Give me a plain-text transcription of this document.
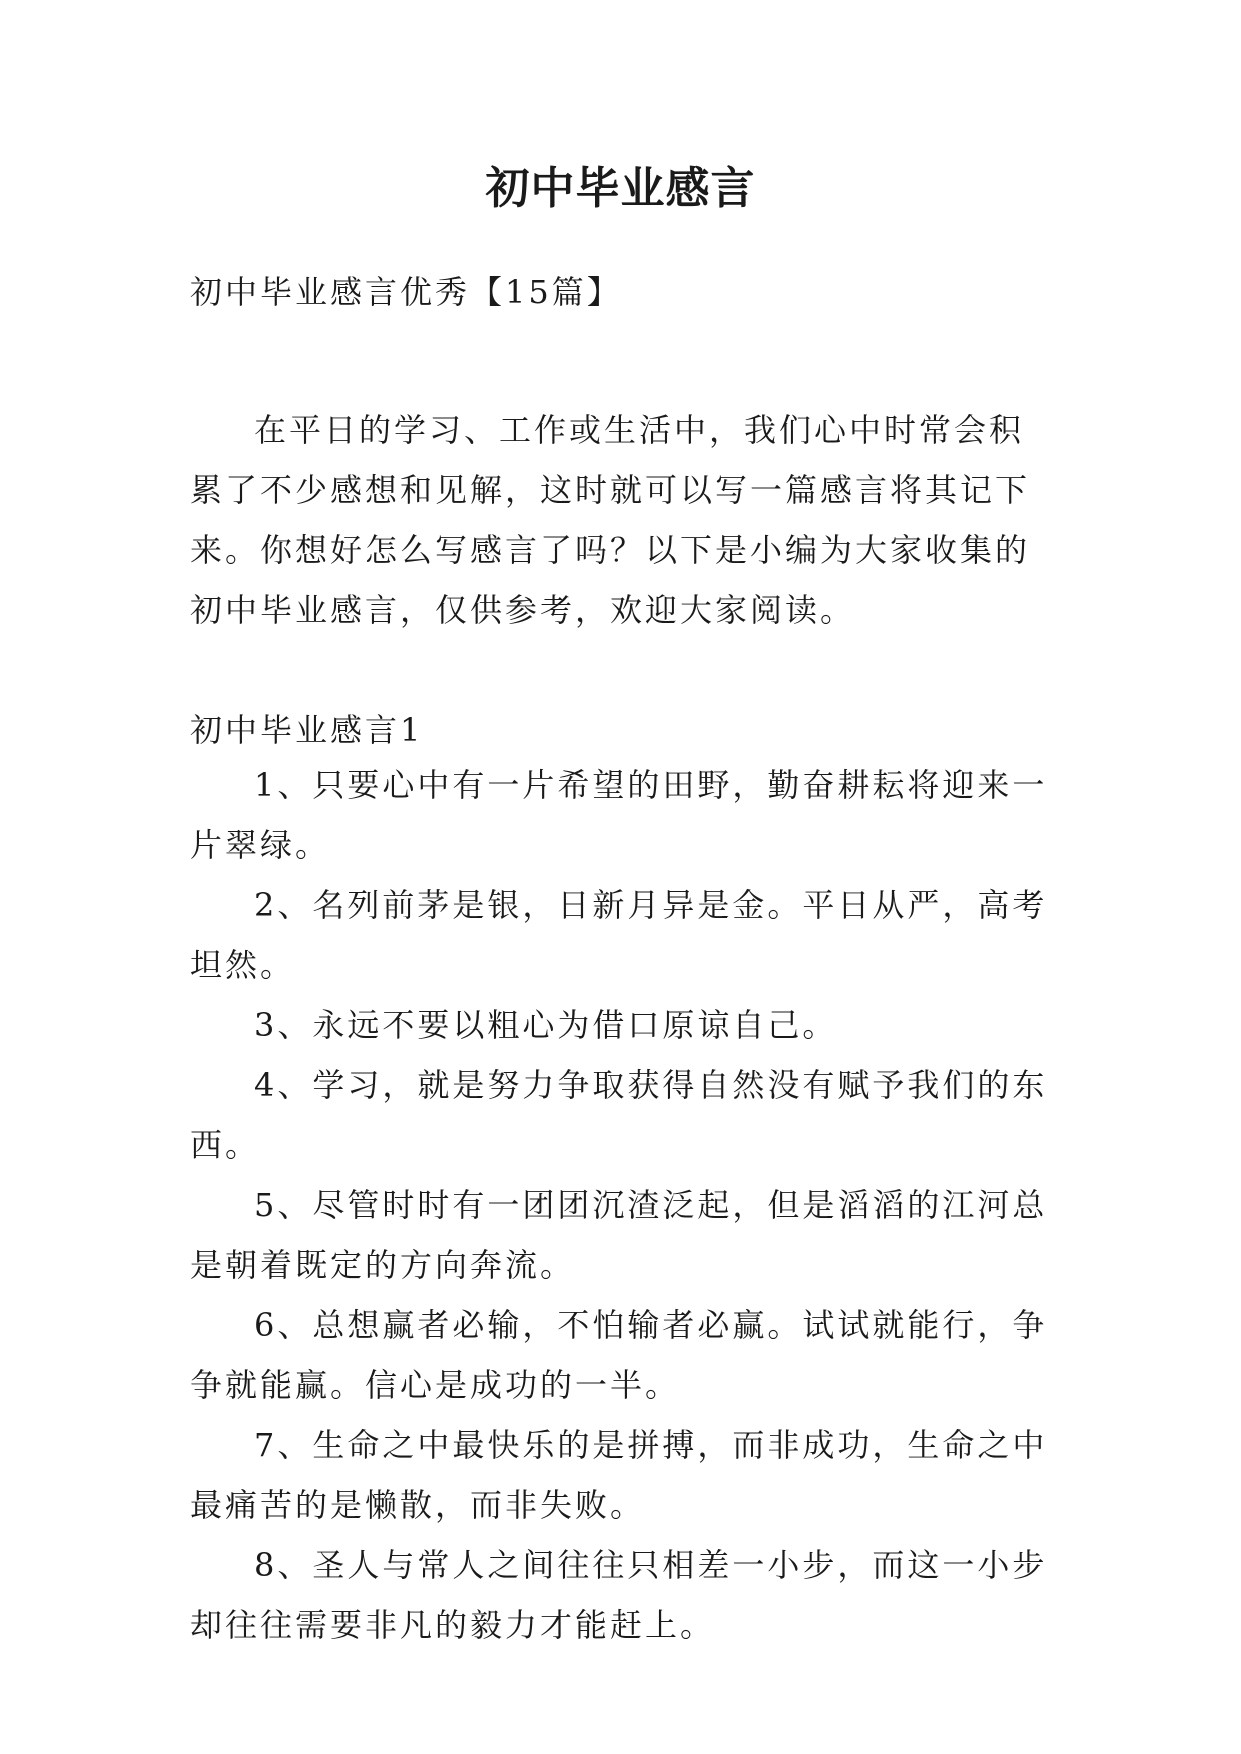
初中毕业感言

初中毕业感言优秀【15篇】

在平日的学习、工作或生活中，我们心中时常会积累了不少感想和见解，这时就可以写一篇感言将其记下来。你想好怎么写感言了吗？以下是小编为大家收集的初中毕业感言，仅供参考，欢迎大家阅读。

初中毕业感言1

1、只要心中有一片希望的田野，勤奋耕耘将迎来一片翠绿。
2、名列前茅是银，日新月异是金。平日从严，高考坦然。
3、永远不要以粗心为借口原谅自己。
4、学习，就是努力争取获得自然没有赋予我们的东西。
5、尽管时时有一团团沉渣泛起，但是滔滔的江河总是朝着既定的方向奔流。
6、总想赢者必输，不怕输者必赢。试试就能行，争争就能赢。信心是成功的一半。
7、生命之中最快乐的是拼搏，而非成功，生命之中最痛苦的是懒散，而非失败。
8、圣人与常人之间往往只相差一小步，而这一小步却往往需要非凡的毅力才能赶上。
